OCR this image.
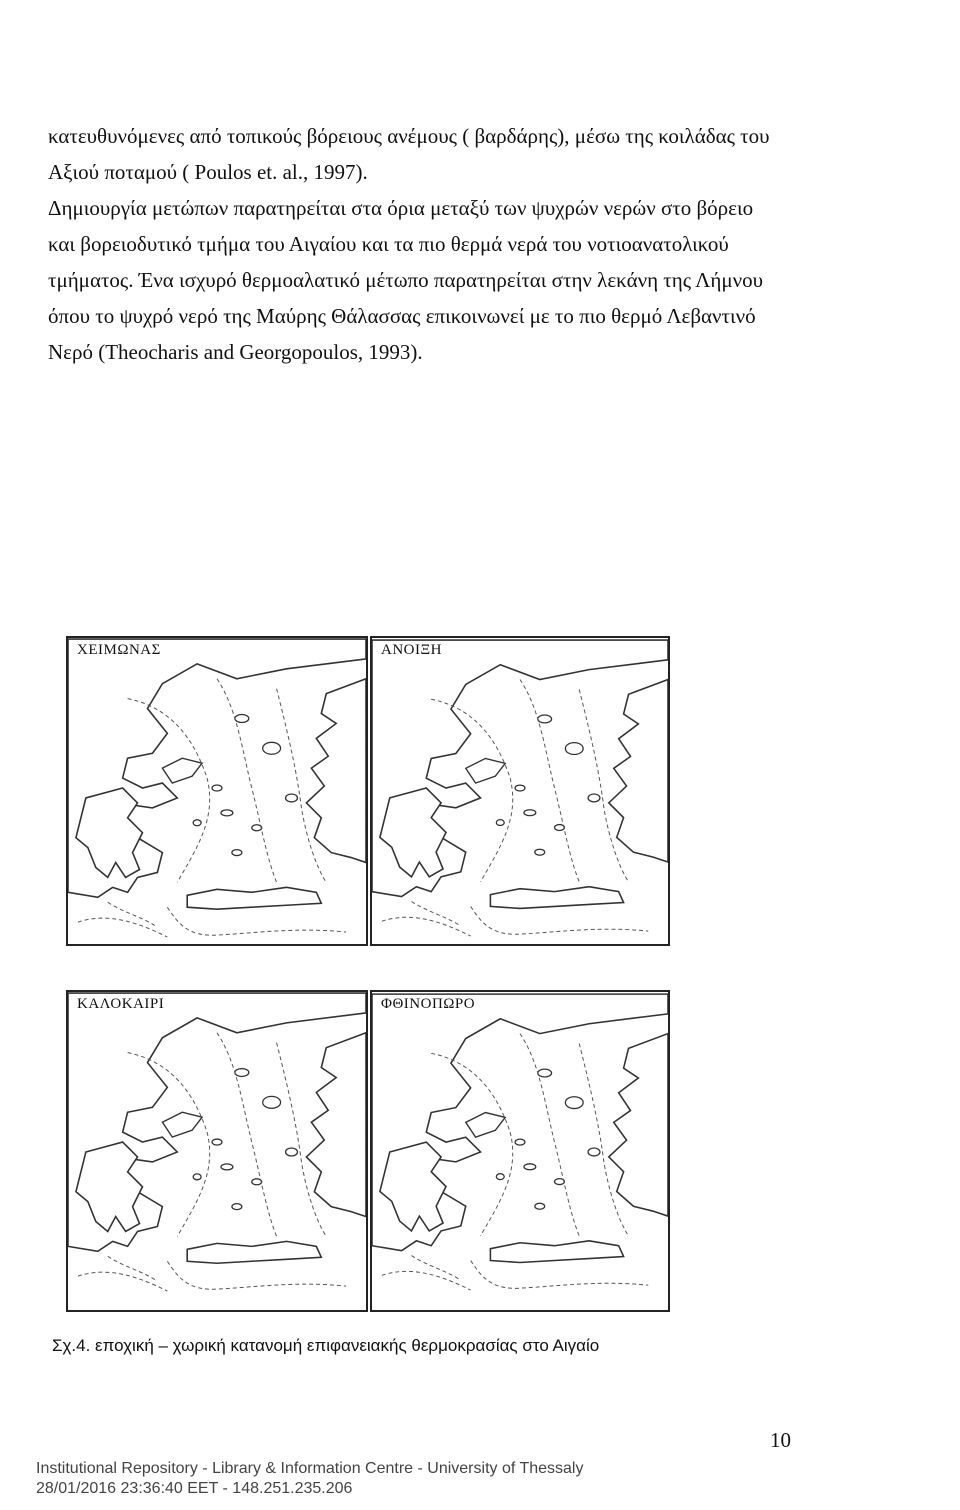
κατευθυνόμενες από τοπικούς βόρειους ανέμους ( βαρδάρης), μέσω της κοιλάδας του

Αξιού ποταμού ( Poulos et. al., 1997).

Δημιουργία μετώπων παρατηρείται στα όρια μεταξύ των ψυχρών νερών στο βόρειο

και βορειοδυτικό τμήμα του Αιγαίου και τα πιο θερμά νερά του νοτιοανατολικού

τμήματος. Ένα ισχυρό θερμοαλατικό μέτωπο παρατηρείται στην λεκάνη της Λήμνου

όπου το ψυχρό νερό της Μαύρης Θάλασσας επικοινωνεί με το πιο θερμό Λεβαντινό

Νερό (Theocharis and Georgopoulos, 1993).

ΧΕΙΜΩΝΑΣ	ΑΝΟΙΞΗ
ΚΑΛΟΚΑΙΡΙ	ΦΘΙΝΟΠΩΡΟ
Σχ.4. εποχική – χωρική κατανομή επιφανειακής θερμοκρασίας στο Αιγαίο
10
Institutional Repository - Library & Information Centre - University of Thessaly
28/01/2016 23:36:40 EET - 148.251.235.206
